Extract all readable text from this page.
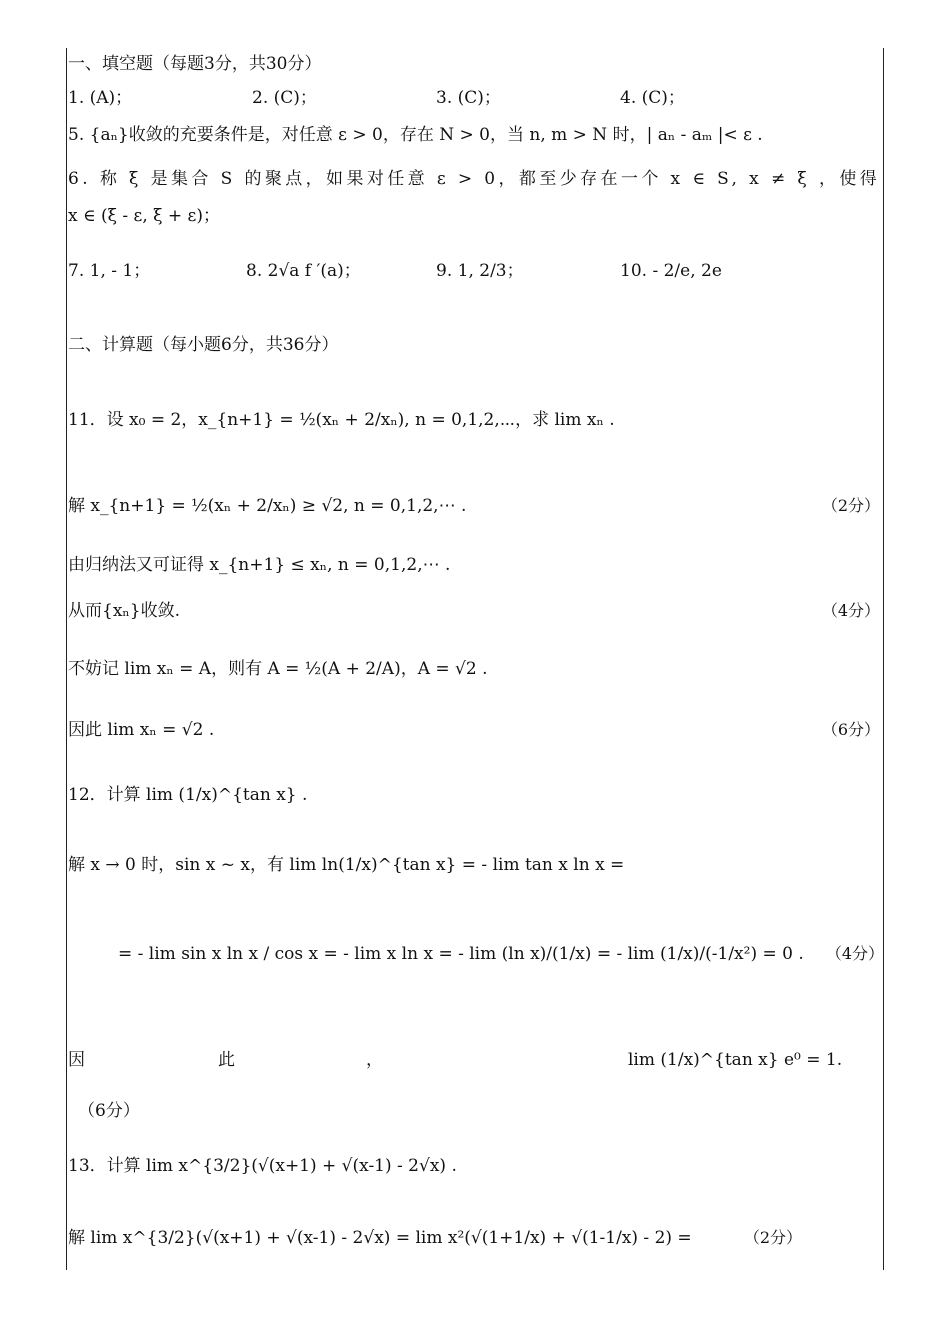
一、填空题（每题3分，共30分）
1. (A)；	2. (C)；	3. (C)；	4. (C)；
5. {aₙ}收敛的充要条件是，对任意 ε > 0，存在 N > 0，当 n, m > N 时，| aₙ - aₘ |< ε .
6. 称 ξ 是集合 S 的聚点，如果对任意 ε > 0，都至少存在一个 x ∈ S, x ≠ ξ ，使得
x ∈ (ξ - ε, ξ + ε)；
7. 1, - 1；	8. 2√a f ′(a)；	9. 1, 2/3；	10. - 2/e, 2e
二、计算题（每小题6分，共36分）
11．设 x₀ = 2，x_{n+1} = ½(xₙ + 2/xₙ), n = 0,1,2,⋯，求 lim xₙ .
解 x_{n+1} = ½(xₙ + 2/xₙ) ≥ √2, n = 0,1,2,⋯ .	（2分）
由归纳法又可证得 x_{n+1} ≤ xₙ, n = 0,1,2,⋯ .
从而{xₙ}收敛.	（4分）
不妨记 lim xₙ = A，则有 A = ½(A + 2/A)，A = √2 .
因此 lim xₙ = √2 .	（6分）
12．计算 lim (1/x)^{tan x} .
解 x → 0 时，sin x ~ x，有 lim ln(1/x)^{tan x} = - lim tan x ln x =
= - lim sin x ln x / cos x = - lim x ln x = - lim (ln x)/(1/x) = - lim (1/x)/(-1/x²) = 0 . （4分）
因	此	，	lim (1/x)^{tan x} e⁰ = 1.
（6分）
13．计算 lim x^{3/2}(√(x+1) + √(x-1) - 2√x) .
解 lim x^{3/2}(√(x+1) + √(x-1) - 2√x) = lim x²(√(1+1/x) + √(1-1/x) - 2) =	（2分）
